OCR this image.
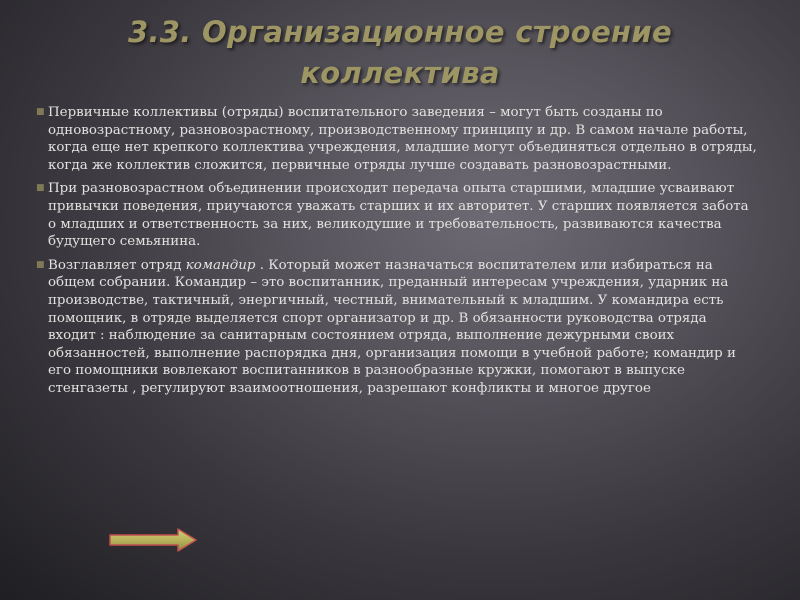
3.3. Организационное строение коллектива

■ Первичные коллективы (отряды) воспитательного заведения – могут быть созданы по одновозрастному, разновозрастному, производственному принципу и др. В самом начале работы, когда еще нет крепкого коллектива учреждения, младшие могут объединяться отдельно в отряды, когда же коллектив сложится, первичные отряды лучше создавать разновозрастными.

■ При разновозрастном объединении происходит передача опыта старшими, младшие усваивают привычки поведения, приучаются уважать старших и их авторитет. У старших появляется забота о младших и ответственность за них, великодушие и требовательность, развиваются качества будущего семьянина.

■ Возглавляет отряд командир . Который может назначаться воспитателем или избираться на общем собрании. Командир – это воспитанник, преданный интересам учреждения, ударник на производстве, тактичный, энергичный, честный, внимательный к младшим. У командира есть помощник, в отряде выделяется спорт организатор и др. В обязанности руководства отряда входит : наблюдение за санитарным состоянием отряда, выполнение дежурными своих обязанностей, выполнение распорядка дня, организация помощи в учебной работе; командир и его помощники вовлекают воспитанников в разнообразные кружки, помогают в выпуске стенгазеты , регулируют взаимоотношения, разрешают конфликты и многое другое
